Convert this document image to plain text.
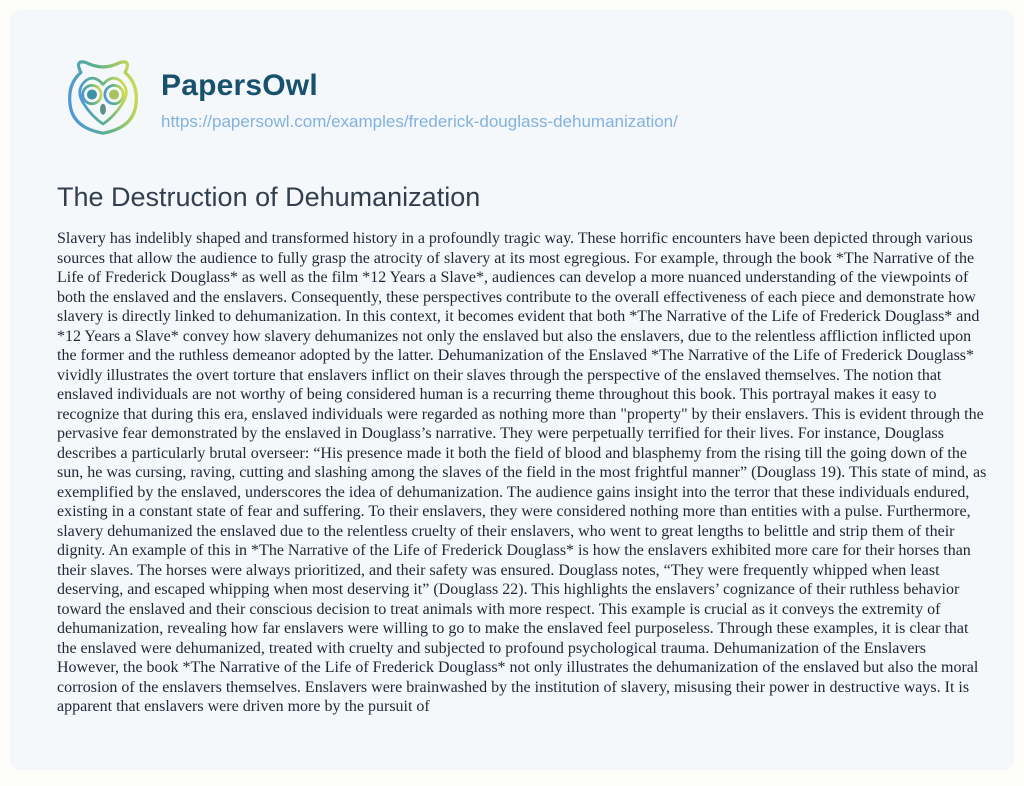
PapersOwl
https://papersowl.com/examples/frederick-douglass-dehumanization/
The Destruction of Dehumanization

Slavery has indelibly shaped and transformed history in a profoundly tragic way. These horrific encounters have been depicted through various sources that allow the audience to fully grasp the atrocity of slavery at its most egregious. For example, through the book *The Narrative of the Life of Frederick Douglass* as well as the film *12 Years a Slave*, audiences can develop a more nuanced understanding of the viewpoints of both the enslaved and the enslavers. Consequently, these perspectives contribute to the overall effectiveness of each piece and demonstrate how slavery is directly linked to dehumanization. In this context, it becomes evident that both *The Narrative of the Life of Frederick Douglass* and *12 Years a Slave* convey how slavery dehumanizes not only the enslaved but also the enslavers, due to the relentless affliction inflicted upon the former and the ruthless demeanor adopted by the latter. Dehumanization of the Enslaved *The Narrative of the Life of Frederick Douglass* vividly illustrates the overt torture that enslavers inflict on their slaves through the perspective of the enslaved themselves. The notion that enslaved individuals are not worthy of being considered human is a recurring theme throughout this book. This portrayal makes it easy to recognize that during this era, enslaved individuals were regarded as nothing more than "property" by their enslavers. This is evident through the pervasive fear demonstrated by the enslaved in Douglass’s narrative. They were perpetually terrified for their lives. For instance, Douglass describes a particularly brutal overseer: “His presence made it both the field of blood and blasphemy from the rising till the going down of the sun, he was cursing, raving, cutting and slashing among the slaves of the field in the most frightful manner” (Douglass 19). This state of mind, as exemplified by the enslaved, underscores the idea of dehumanization. The audience gains insight into the terror that these individuals endured, existing in a constant state of fear and suffering. To their enslavers, they were considered nothing more than entities with a pulse. Furthermore, slavery dehumanized the enslaved due to the relentless cruelty of their enslavers, who went to great lengths to belittle and strip them of their dignity. An example of this in *The Narrative of the Life of Frederick Douglass* is how the enslavers exhibited more care for their horses than their slaves. The horses were always prioritized, and their safety was ensured. Douglass notes, “They were frequently whipped when least deserving, and escaped whipping when most deserving it” (Douglass 22). This highlights the enslavers’ cognizance of their ruthless behavior toward the enslaved and their conscious decision to treat animals with more respect. This example is crucial as it conveys the extremity of dehumanization, revealing how far enslavers were willing to go to make the enslaved feel purposeless. Through these examples, it is clear that the enslaved were dehumanized, treated with cruelty and subjected to profound psychological trauma. Dehumanization of the Enslavers However, the book *The Narrative of the Life of Frederick Douglass* not only illustrates the dehumanization of the enslaved but also the moral corrosion of the enslavers themselves. Enslavers were brainwashed by the institution of slavery, misusing their power in destructive ways. It is apparent that enslavers were driven more by the pursuit of
